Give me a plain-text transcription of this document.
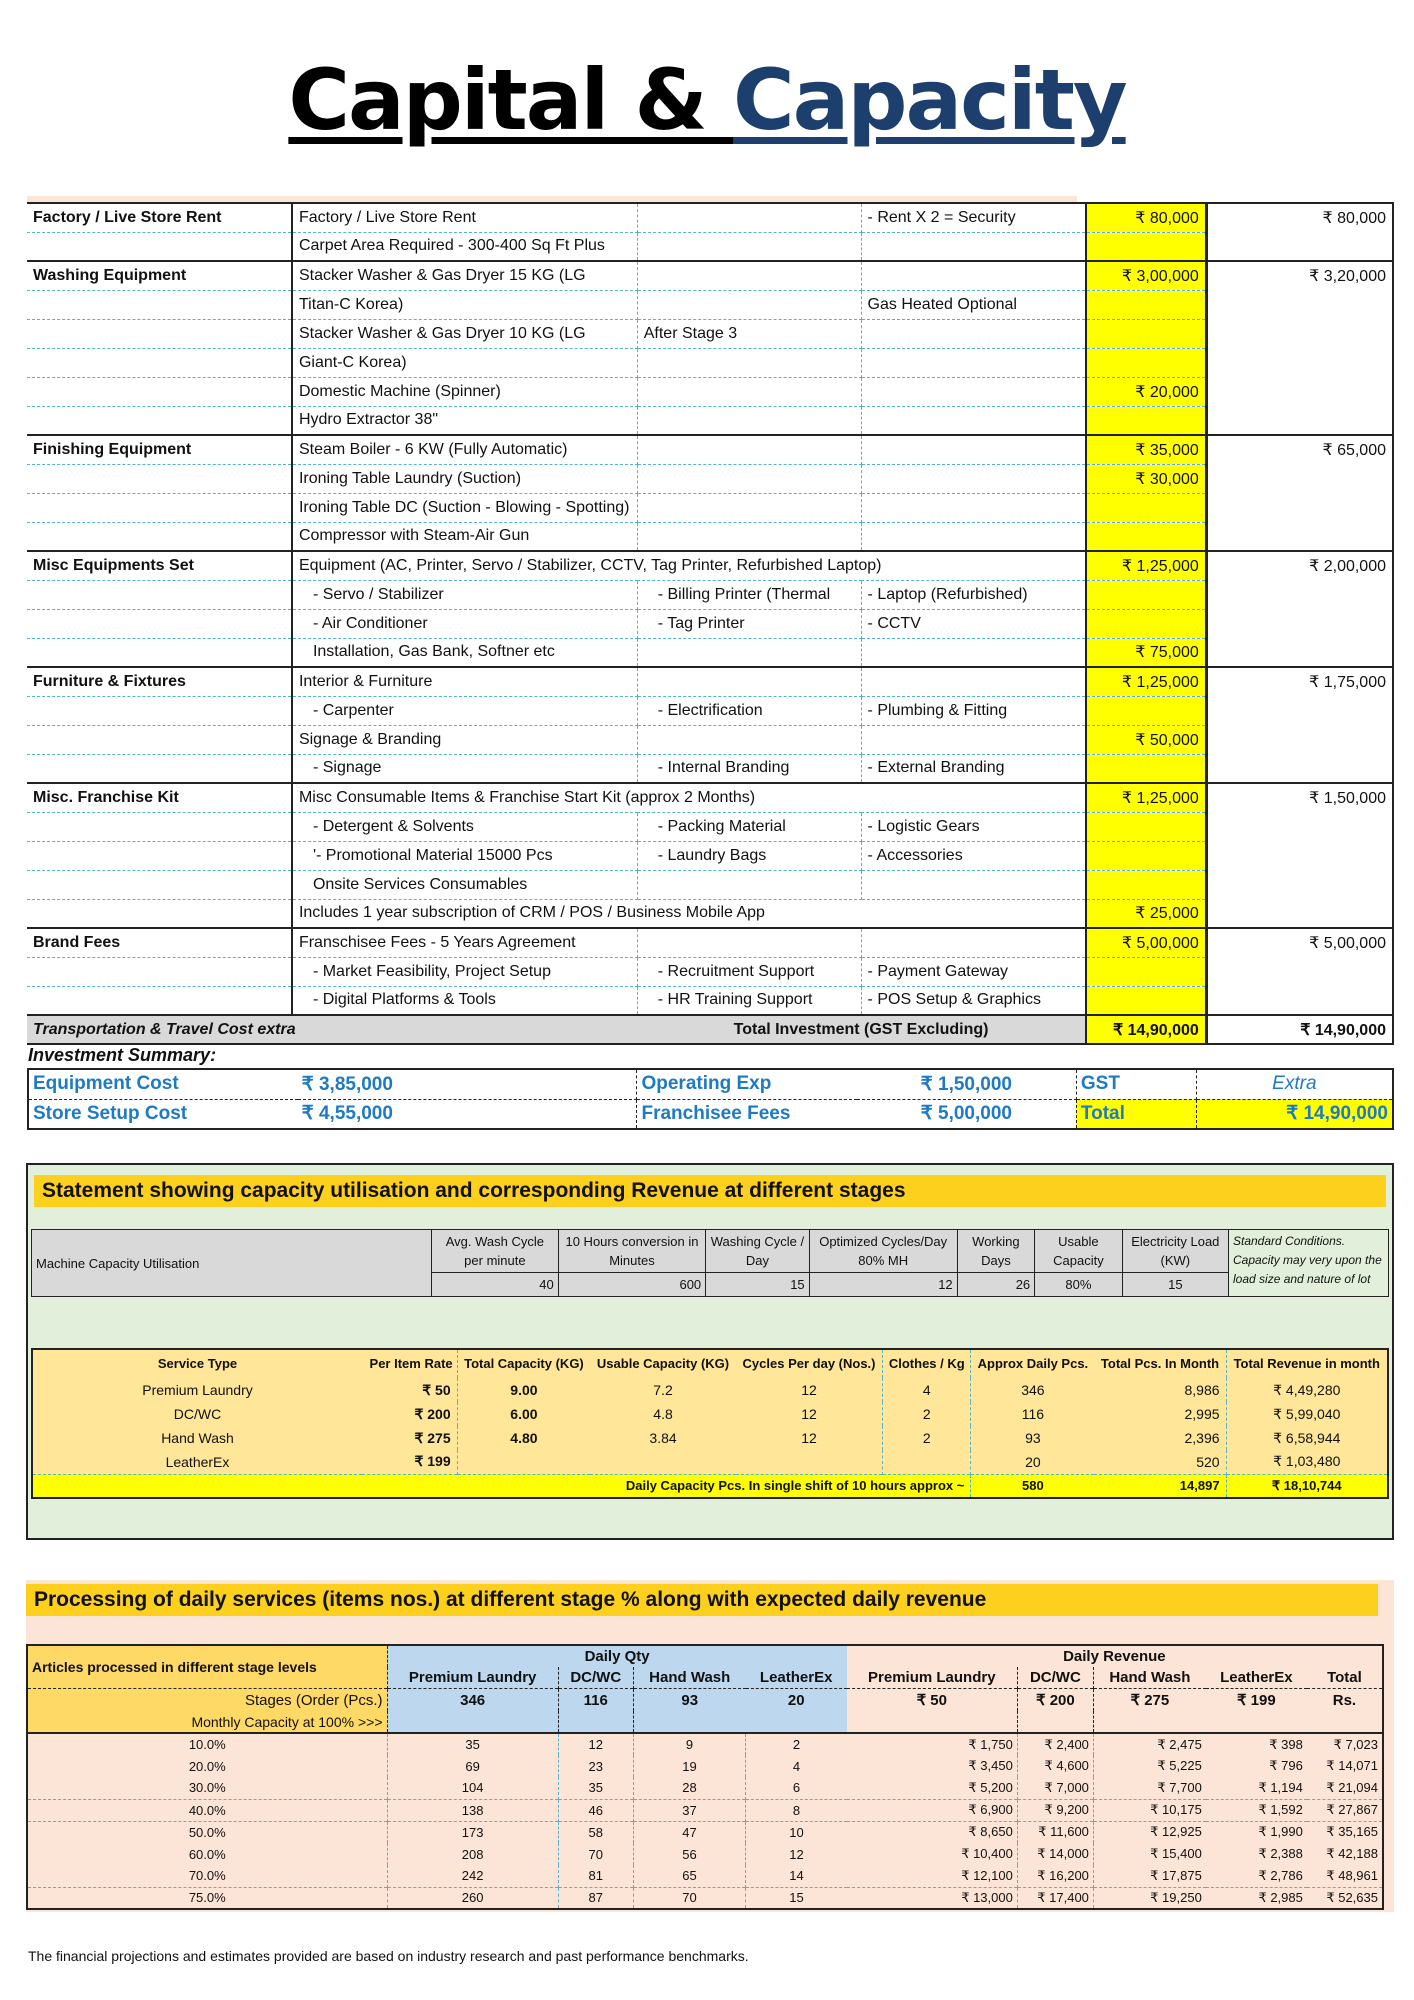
Capital & Capacity
Factory / Live Store Rent	Factory / Live Store Rent		- Rent X 2 = Security	₹ 80,000	₹ 80,000
	Carpet Area Required - 300-400 Sq Ft Plus				
Washing Equipment	Stacker Washer & Gas Dryer 15 KG (LG			₹ 3,00,000	₹ 3,20,000
	Titan-C Korea)		Gas Heated Optional		
	Stacker Washer & Gas Dryer 10 KG (LG	After Stage 3			
	Giant-C Korea)				
	Domestic Machine (Spinner)			₹ 20,000	
	Hydro Extractor 38"				
Finishing Equipment	Steam Boiler - 6 KW (Fully Automatic)			₹ 35,000	₹ 65,000
	Ironing Table Laundry (Suction)			₹ 30,000	
	Ironing Table DC (Suction - Blowing - Spotting)				
	Compressor with Steam-Air Gun				
Misc Equipments Set	Equipment (AC, Printer, Servo / Stabilizer, CCTV, Tag Printer, Refurbished Laptop)			₹ 1,25,000	₹ 2,00,000
	- Servo / Stabilizer	- Billing Printer (Thermal	- Laptop (Refurbished)		
	- Air Conditioner	- Tag Printer	- CCTV		
	Installation, Gas Bank, Softner etc			₹ 75,000	
Furniture & Fixtures	Interior & Furniture			₹ 1,25,000	₹ 1,75,000
	- Carpenter	- Electrification	- Plumbing & Fitting		
	Signage & Branding			₹ 50,000	
	- Signage	- Internal Branding	- External Branding		
Misc. Franchise Kit	Misc Consumable Items & Franchise Start Kit (approx 2 Months)			₹ 1,25,000	₹ 1,50,000
	- Detergent & Solvents	- Packing Material	- Logistic Gears		
	'- Promotional Material 15000 Pcs	- Laundry Bags	- Accessories		
	Onsite Services Consumables				
	Includes 1 year subscription of CRM / POS / Business Mobile App			₹ 25,000	
Brand Fees	Franschisee Fees - 5 Years Agreement			₹ 5,00,000	₹ 5,00,000
	- Market Feasibility, Project Setup	- Recruitment Support	- Payment Gateway		
	- Digital Platforms & Tools	- HR Training Support	- POS Setup & Graphics		
Transportation & Travel Cost extra		Total Investment (GST Excluding)		₹ 14,90,000	₹ 14,90,000
Investment Summary:
Equipment Cost	₹ 3,85,000	Operating Exp	₹ 1,50,000	GST	Extra
Store Setup Cost	₹ 4,55,000	Franchisee Fees	₹ 5,00,000	Total	₹ 14,90,000
Statement showing capacity utilisation and corresponding Revenue at different stages
Machine Capacity Utilisation	Avg. Wash Cycle per minute	10 Hours conversion in Minutes	Washing Cycle / Day	Optimized Cycles/Day 80% MH	Working Days	Usable Capacity	Electricity Load (KW)	Standard Conditions. Capacity may very upon the load size and nature of lot
	40	600	15	12	26	80%	15	
Service Type	Per Item Rate	Total Capacity (KG)	Usable Capacity (KG)	Cycles Per day (Nos.)	Clothes / Kg	Approx Daily Pcs.	Total Pcs. In Month	Total Revenue in month
Premium Laundry	₹ 50	9.00	7.2	12	4	346	8,986	₹ 4,49,280
DC/WC	₹ 200	6.00	4.8	12	2	116	2,995	₹ 5,99,040
Hand Wash	₹ 275	4.80	3.84	12	2	93	2,396	₹ 6,58,944
LeatherEx	₹ 199					20	520	₹ 1,03,480
Daily Capacity Pcs. In single shift of 10 hours approx ~						580	14,897	₹ 18,10,744
Processing of daily services (items nos.) at different stage % along with expected daily revenue
Articles processed in different stage levels	Daily Qty				Daily Revenue				
	Premium Laundry	DC/WC	Hand Wash	LeatherEx	Premium Laundry	DC/WC	Hand Wash	LeatherEx	Total
Stages (Order (Pcs.)	346	116	93	20	₹ 50	₹ 200	₹ 275	₹ 199	Rs.
Monthly Capacity at 100% >>>									
10.0%	35	12	9	2	₹ 1,750	₹ 2,400	₹ 2,475	₹ 398	₹ 7,023
20.0%	69	23	19	4	₹ 3,450	₹ 4,600	₹ 5,225	₹ 796	₹ 14,071
30.0%	104	35	28	6	₹ 5,200	₹ 7,000	₹ 7,700	₹ 1,194	₹ 21,094
40.0%	138	46	37	8	₹ 6,900	₹ 9,200	₹ 10,175	₹ 1,592	₹ 27,867
50.0%	173	58	47	10	₹ 8,650	₹ 11,600	₹ 12,925	₹ 1,990	₹ 35,165
60.0%	208	70	56	12	₹ 10,400	₹ 14,000	₹ 15,400	₹ 2,388	₹ 42,188
70.0%	242	81	65	14	₹ 12,100	₹ 16,200	₹ 17,875	₹ 2,786	₹ 48,961
75.0%	260	87	70	15	₹ 13,000	₹ 17,400	₹ 19,250	₹ 2,985	₹ 52,635
The financial projections and estimates provided are based on industry research and past performance benchmarks.
